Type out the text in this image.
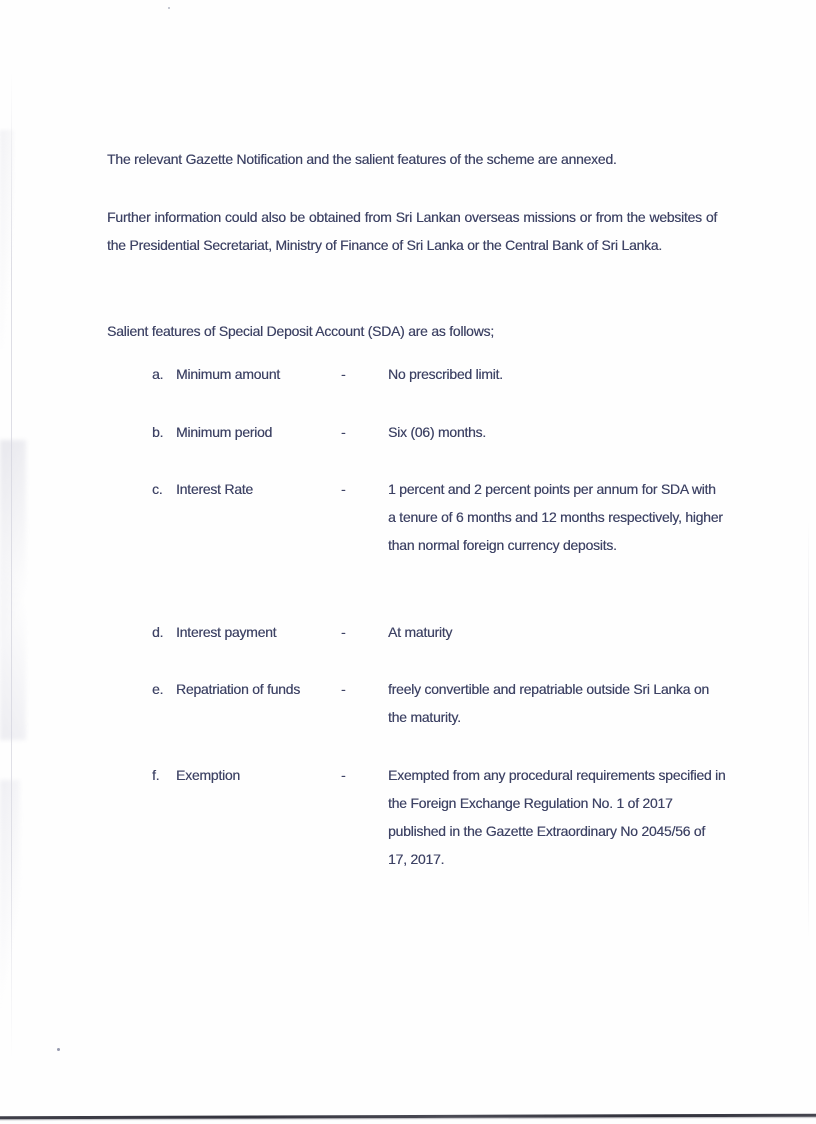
The relevant Gazette Notification and the salient features of the scheme are annexed.

Further information could also be obtained from Sri Lankan overseas missions or from the websites of the Presidential Secretariat, Ministry of Finance of Sri Lanka or the Central Bank of Sri Lanka.

Salient features of Special Deposit Account (SDA) are as follows;

a. Minimum amount	-	No prescribed limit.
b. Minimum period	-	Six (06) months.
c. Interest Rate	-	1 percent and 2 percent points per annum for SDA with a tenure of 6 months and 12 months respectively, higher than normal foreign currency deposits.
d. Interest payment	-	At maturity
e. Repatriation of funds	-	freely convertible and repatriable outside Sri Lanka on the maturity.
f. Exemption	-	Exempted from any procedural requirements specified in the Foreign Exchange Regulation No. 1 of 2017 published in the Gazette Extraordinary No 2045/56 of 17, 2017.
